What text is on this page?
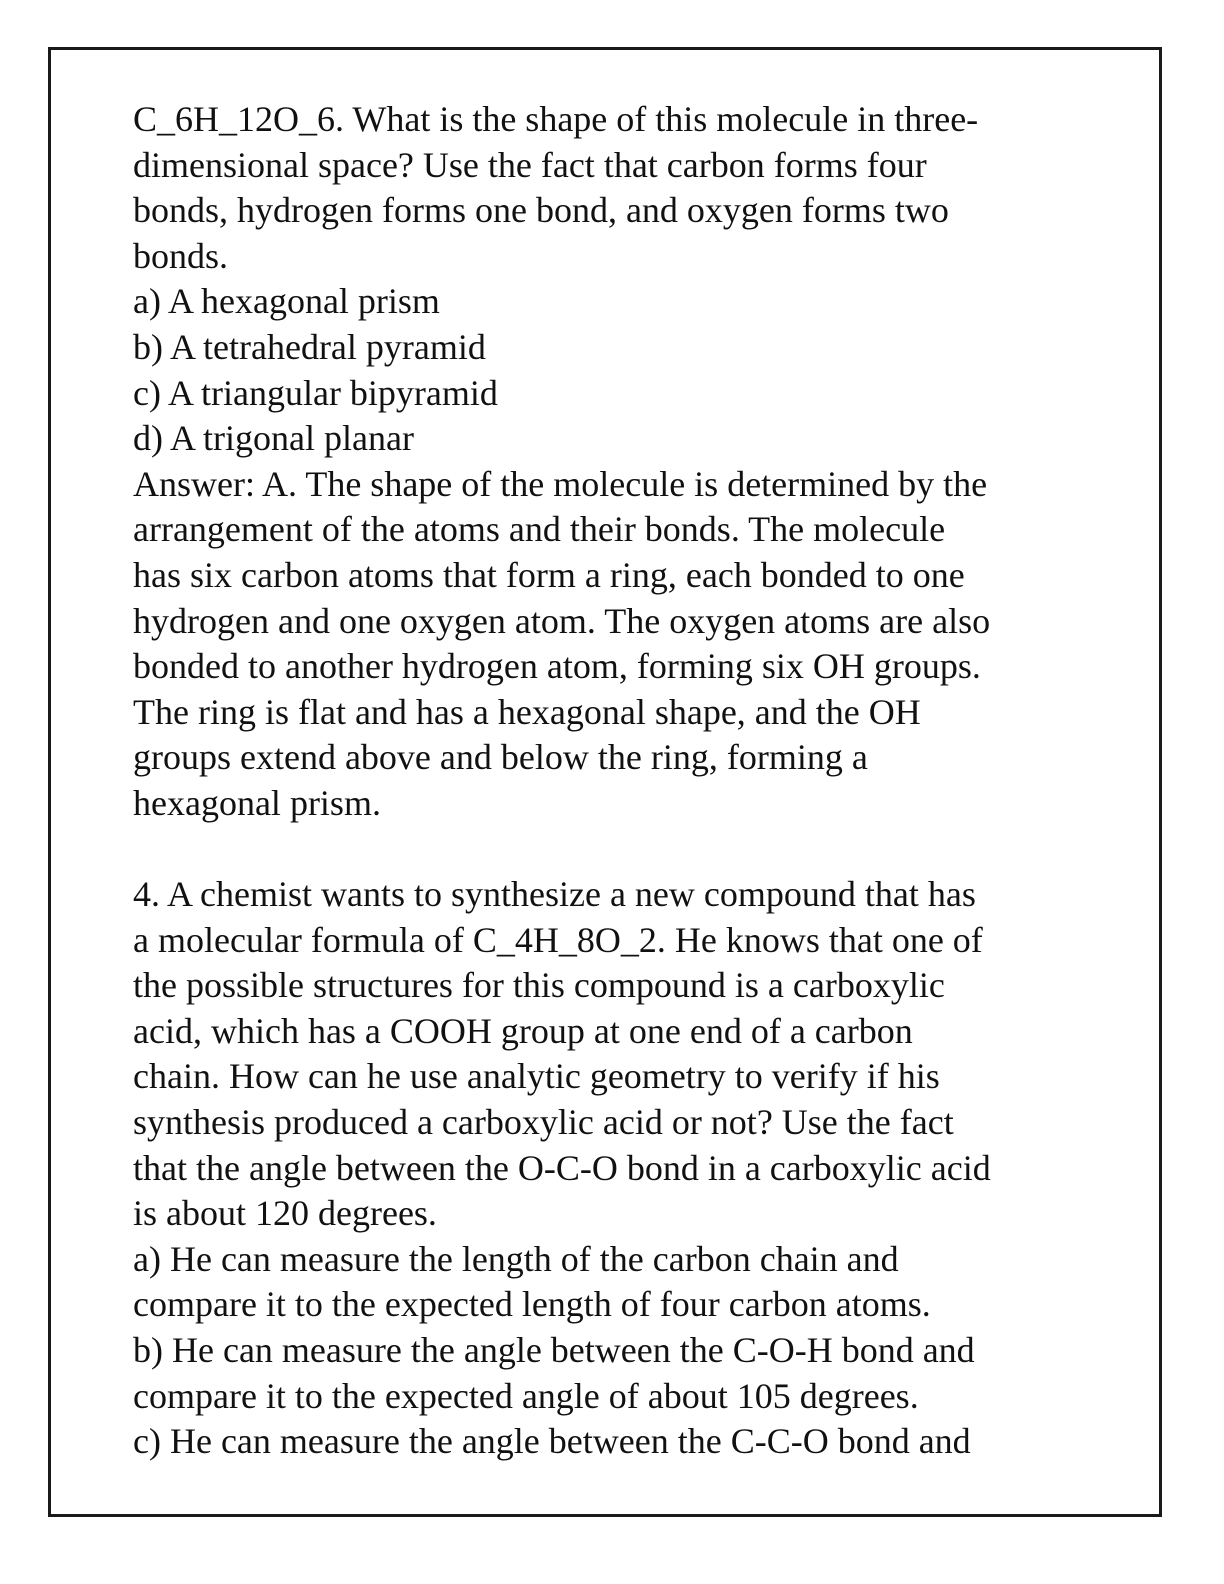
C_6H_12O_6. What is the shape of this molecule in three-
dimensional space? Use the fact that carbon forms four
bonds, hydrogen forms one bond, and oxygen forms two
bonds.
a) A hexagonal prism
b) A tetrahedral pyramid
c) A triangular bipyramid
d) A trigonal planar
Answer: A. The shape of the molecule is determined by the
arrangement of the atoms and their bonds. The molecule
has six carbon atoms that form a ring, each bonded to one
hydrogen and one oxygen atom. The oxygen atoms are also
bonded to another hydrogen atom, forming six OH groups.
The ring is flat and has a hexagonal shape, and the OH
groups extend above and below the ring, forming a
hexagonal prism.
4. A chemist wants to synthesize a new compound that has
a molecular formula of C_4H_8O_2. He knows that one of
the possible structures for this compound is a carboxylic
acid, which has a COOH group at one end of a carbon
chain. How can he use analytic geometry to verify if his
synthesis produced a carboxylic acid or not? Use the fact
that the angle between the O-C-O bond in a carboxylic acid
is about 120 degrees.
a) He can measure the length of the carbon chain and
compare it to the expected length of four carbon atoms.
b) He can measure the angle between the C-O-H bond and
compare it to the expected angle of about 105 degrees.
c) He can measure the angle between the C-C-O bond and
